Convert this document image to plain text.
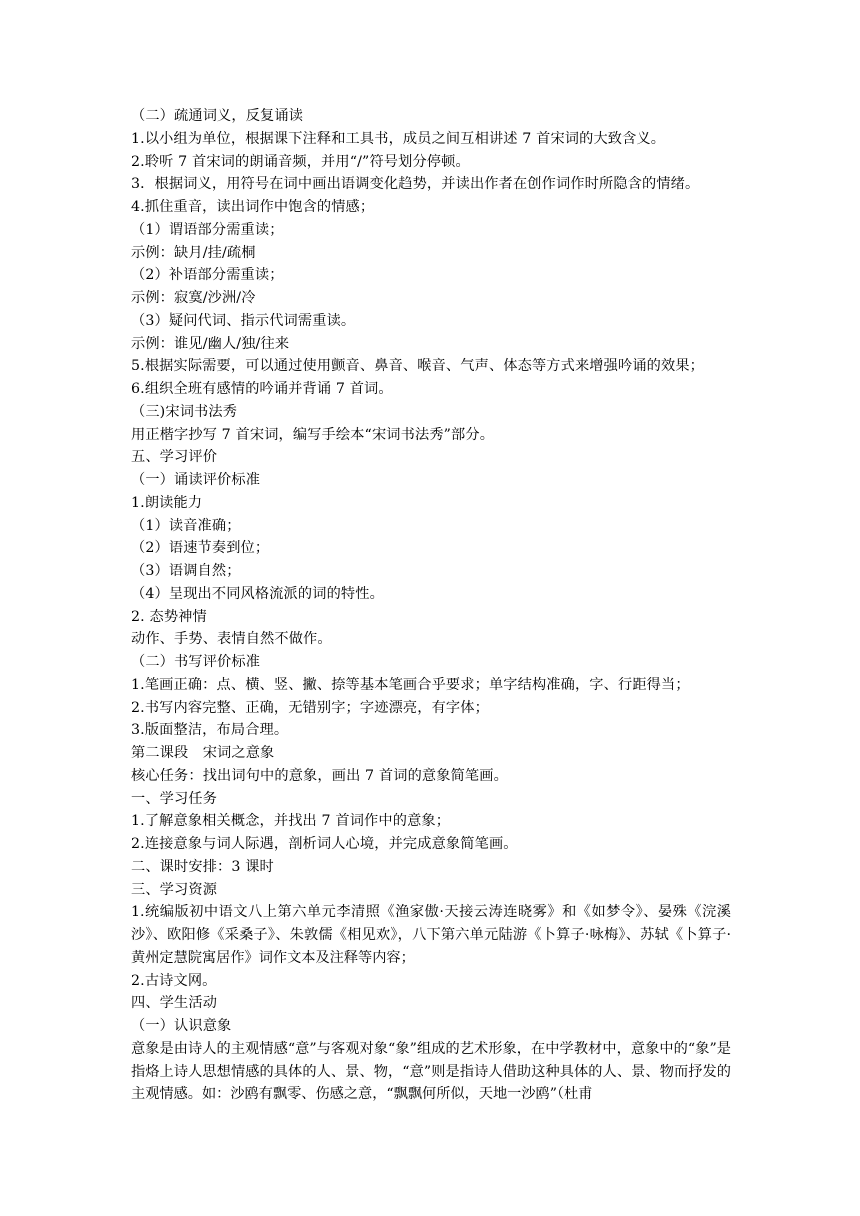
（二）疏通词义，反复诵读

1.以小组为单位，根据课下注释和工具书，成员之间互相讲述 7 首宋词的大致含义。

2.聆听 7 首宋词的朗诵音频，并用“/”符号划分停顿。

3．根据词义，用符号在词中画出语调变化趋势，并读出作者在创作词作时所隐含的情绪。

4.抓住重音，读出词作中饱含的情感；

（1）谓语部分需重读；

示例：缺月/挂/疏桐

（2）补语部分需重读；

示例：寂寞/沙洲/冷

（3）疑问代词、指示代词需重读。

示例：谁见/幽人/独/往来

5.根据实际需要，可以通过使用颤音、鼻音、喉音、气声、体态等方式来增强吟诵的效果；

6.组织全班有感情的吟诵并背诵 7 首词。

（三)宋词书法秀

用正楷字抄写 7 首宋词，编写手绘本“宋词书法秀”部分。

五、学习评价

（一）诵读评价标准

1.朗读能力

（1）读音准确；

（2）语速节奏到位；

（3）语调自然；

（4）呈现出不同风格流派的词的特性。

2. 态势神情

动作、手势、表情自然不做作。

（二）书写评价标准

1.笔画正确：点、横、竖、撇、捺等基本笔画合乎要求；单字结构准确，字、行距得当；

2.书写内容完整、正确，无错别字；字迹漂亮，有字体；

3.版面整洁，布局合理。

第二课段　宋词之意象

核心任务：找出词句中的意象，画出 7 首词的意象简笔画。

一、学习任务

1.了解意象相关概念，并找出 7 首词作中的意象；

2.连接意象与词人际遇，剖析词人心境，并完成意象简笔画。

二、课时安排：3 课时

三、学习资源

1.统编版初中语文八上第六单元李清照《渔家傲·天接云涛连晓雾》和《如梦令》、晏殊《浣溪沙》、欧阳修《采桑子》、朱敦儒《相见欢》，八下第六单元陆游《卜算子·咏梅》、苏轼《卜算子·黄州定慧院寓居作》词作文本及注释等内容；

2.古诗文网。

四、学生活动

（一）认识意象

意象是由诗人的主观情感“意”与客观对象“象”组成的艺术形象，在中学教材中，意象中的“象”是指烙上诗人思想情感的具体的人、景、物，“意”则是指诗人借助这种具体的人、景、物而抒发的主观情感。如：沙鸥有飘零、伤感之意，“飘飘何所似，天地一沙鸥”（杜甫
